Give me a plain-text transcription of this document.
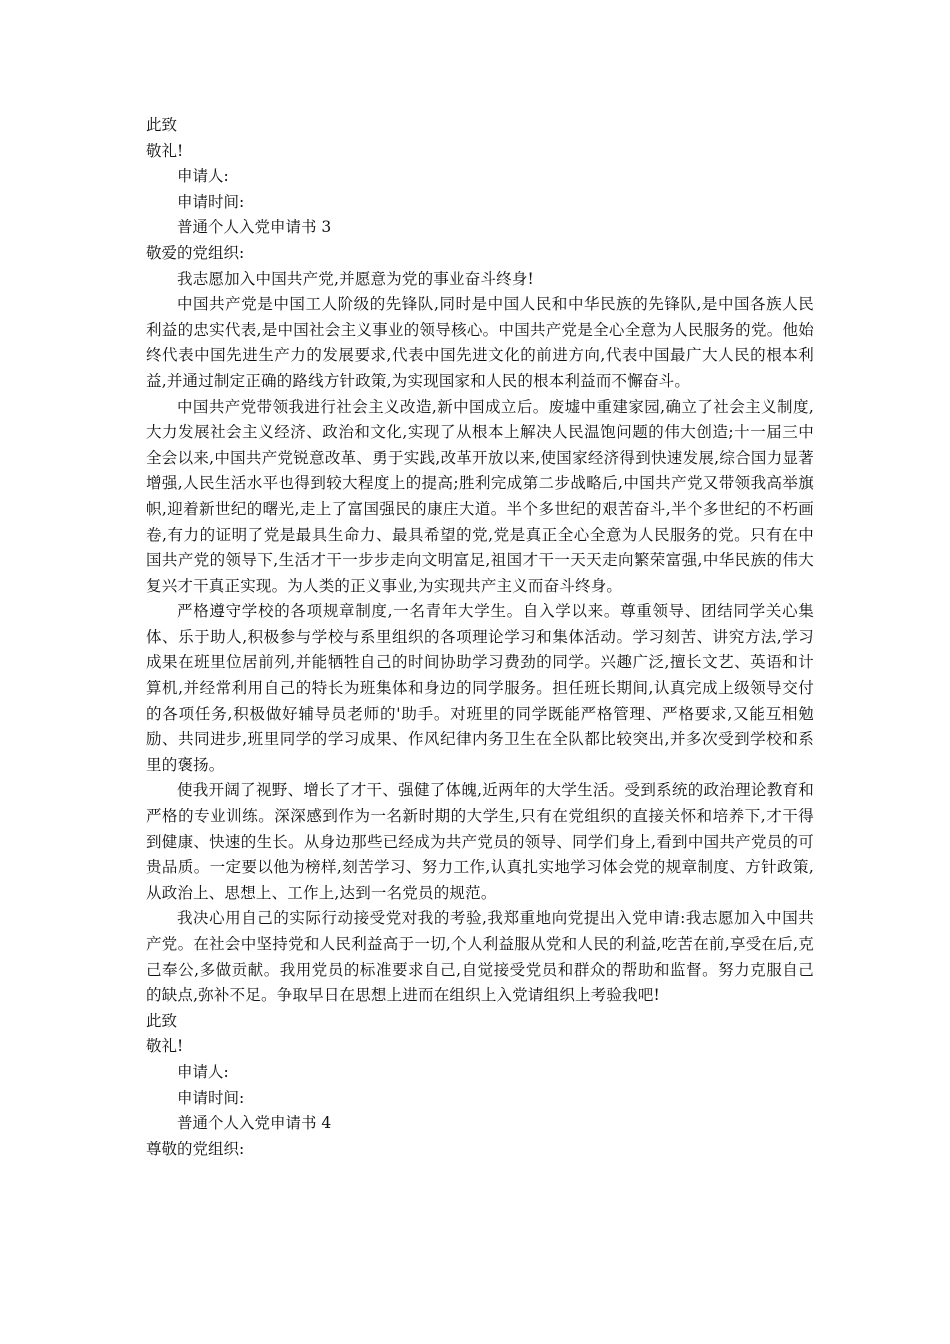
此致

敬礼!

申请人:

申请时间:

普通个人入党申请书 3

敬爱的党组织:

我志愿加入中国共产党,并愿意为党的事业奋斗终身!

中国共产党是中国工人阶级的先锋队,同时是中国人民和中华民族的先锋队,是中国各族人民利益的忠实代表,是中国社会主义事业的领导核心。中国共产党是全心全意为人民服务的党。他始终代表中国先进生产力的发展要求,代表中国先进文化的前进方向,代表中国最广大人民的根本利益,并通过制定正确的路线方针政策,为实现国家和人民的根本利益而不懈奋斗。

中国共产党带领我进行社会主义改造,新中国成立后。废墟中重建家园,确立了社会主义制度,大力发展社会主义经济、政治和文化,实现了从根本上解决人民温饱问题的伟大创造;十一届三中全会以来,中国共产党锐意改革、勇于实践,改革开放以来,使国家经济得到快速发展,综合国力显著增强,人民生活水平也得到较大程度上的提高;胜利完成第二步战略后,中国共产党又带领我高举旗帜,迎着新世纪的曙光,走上了富国强民的康庄大道。半个多世纪的艰苦奋斗,半个多世纪的不朽画卷,有力的证明了党是最具生命力、最具希望的党,党是真正全心全意为人民服务的党。只有在中国共产党的领导下,生活才干一步步走向文明富足,祖国才干一天天走向繁荣富强,中华民族的伟大复兴才干真正实现。为人类的正义事业,为实现共产主义而奋斗终身。

严格遵守学校的各项规章制度,一名青年大学生。自入学以来。尊重领导、团结同学关心集体、乐于助人,积极参与学校与系里组织的各项理论学习和集体活动。学习刻苦、讲究方法,学习成果在班里位居前列,并能牺牲自己的时间协助学习费劲的同学。兴趣广泛,擅长文艺、英语和计算机,并经常利用自己的特长为班集体和身边的同学服务。担任班长期间,认真完成上级领导交付的各项任务,积极做好辅导员老师的'助手。对班里的同学既能严格管理、严格要求,又能互相勉励、共同进步,班里同学的学习成果、作风纪律内务卫生在全队都比较突出,并多次受到学校和系里的褒扬。

使我开阔了视野、增长了才干、强健了体魄,近两年的大学生活。受到系统的政治理论教育和严格的专业训练。深深感到作为一名新时期的大学生,只有在党组织的直接关怀和培养下,才干得到健康、快速的生长。从身边那些已经成为共产党员的领导、同学们身上,看到中国共产党员的可贵品质。一定要以他为榜样,刻苦学习、努力工作,认真扎实地学习体会党的规章制度、方针政策,从政治上、思想上、工作上,达到一名党员的规范。

我决心用自己的实际行动接受党对我的考验,我郑重地向党提出入党申请:我志愿加入中国共产党。在社会中坚持党和人民利益高于一切,个人利益服从党和人民的利益,吃苦在前,享受在后,克己奉公,多做贡献。我用党员的标准要求自己,自觉接受党员和群众的帮助和监督。努力克服自己的缺点,弥补不足。争取早日在思想上进而在组织上入党请组织上考验我吧!

此致

敬礼!

申请人:

申请时间:

普通个人入党申请书 4

尊敬的党组织:
